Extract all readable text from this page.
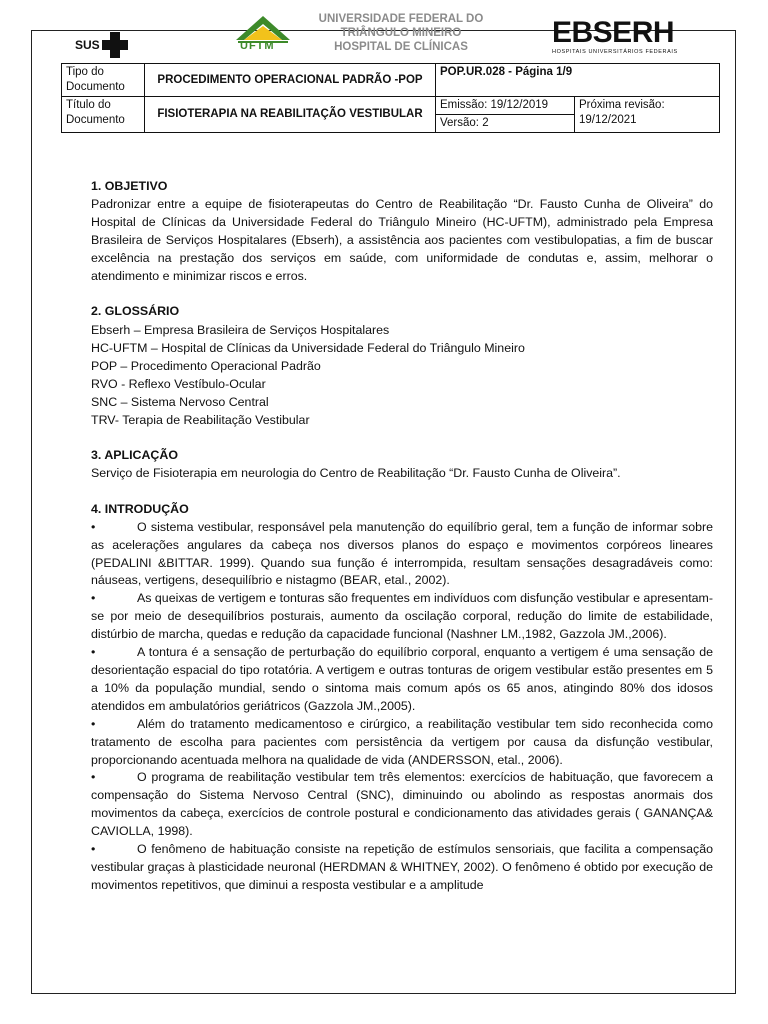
SUS	UFTM
UNIVERSIDADE FEDERAL DO
TRIÂNGULO MINEIRO
HOSPITAL DE CLÍNICAS	EBSERH
HOSPITAIS UNIVERSITÁRIOS FEDERAIS
Tipo do Documento	PROCEDIMENTO OPERACIONAL PADRÃO -POP	POP.UR.028 - Página 1/9	
Título do Documento	FISIOTERAPIA NA REABILITAÇÃO VESTIBULAR	Emissão: 19/12/2019	Próxima revisão:
19/12/2021

		Versão: 2	
1. OBJETIVO

Padronizar entre a equipe de fisioterapeutas do Centro de Reabilitação “Dr. Fausto Cunha de Oliveira” do Hospital de Clínicas da Universidade Federal do Triângulo Mineiro (HC-UFTM), administrado pela Empresa Brasileira de Serviços Hospitalares (Ebserh), a assistência aos pacientes com vestibulopatias, a fim de buscar excelência na prestação dos serviços em saúde, com uniformidade de condutas e, assim, melhorar o atendimento e minimizar riscos e erros.

2. GLOSSÁRIO
Ebserh – Empresa Brasileira de Serviços Hospitalares
HC-UFTM – Hospital de Clínicas da Universidade Federal do Triângulo Mineiro
POP – Procedimento Operacional Padrão
RVO - Reflexo Vestíbulo-Ocular
SNC – Sistema Nervoso Central
TRV- Terapia de Reabilitação Vestibular
3. APLICAÇÃO

Serviço de Fisioterapia em neurologia do Centro de Reabilitação “Dr. Fausto Cunha de Oliveira”.

4. INTRODUÇÃO

•	O sistema vestibular, responsável pela manutenção do equilíbrio geral, tem a função de informar sobre as acelerações angulares da cabeça nos diversos planos do espaço e movimentos corpóreos lineares (PEDALINI &BITTAR. 1999). Quando sua função é interrompida, resultam sensações desagradáveis como: náuseas, vertigens, desequilíbrio e nistagmo (BEAR, etal., 2002).

•	As queixas de vertigem e tonturas são frequentes em indivíduos com disfunção vestibular e apresentam-se por meio de desequilíbrios posturais, aumento da oscilação corporal, redução do limite de estabilidade, distúrbio de marcha, quedas e redução da capacidade funcional (Nashner LM.,1982, Gazzola JM.,2006).

•	A tontura é a sensação de perturbação do equilíbrio corporal, enquanto a vertigem é uma sensação de desorientação espacial do tipo rotatória. A vertigem e outras tonturas de origem vestibular estão presentes em 5 a 10% da população mundial, sendo o sintoma mais comum após os 65 anos, atingindo 80% dos idosos atendidos em ambulatórios geriátricos (Gazzola JM.,2005).

•	Além do tratamento medicamentoso e cirúrgico, a reabilitação vestibular tem sido reconhecida como tratamento de escolha para pacientes com persistência da vertigem por causa da disfunção vestibular, proporcionando acentuada melhora na qualidade de vida (ANDERSSON, etal., 2006).

•	O programa de reabilitação vestibular tem três elementos: exercícios de habituação, que favorecem a compensação do Sistema Nervoso Central (SNC), diminuindo ou abolindo as respostas anormais dos movimentos da cabeça, exercícios de controle postural e condicionamento das atividades gerais ( GANANÇA& CAVIOLLA, 1998).

•	O fenômeno de habituação consiste na repetição de estímulos sensoriais, que facilita a compensação vestibular graças à plasticidade neuronal (HERDMAN & WHITNEY, 2002). O fenômeno é obtido por execução de movimentos repetitivos, que diminui a resposta vestibular e a amplitude
